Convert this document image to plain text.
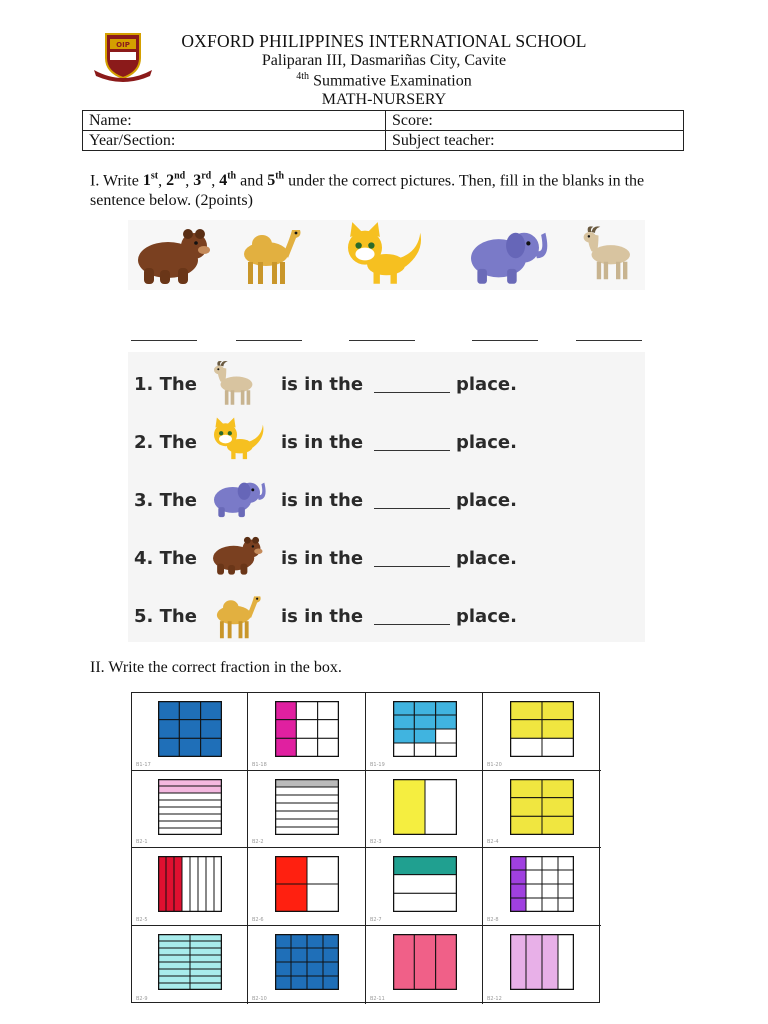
OIP	OXFORD PHILIPPINES INTERNATIONAL SCHOOL
Paliparan III, Dasmariñas City, Cavite
$^{4th}$ Summative Examination
MATH-NURSERY
Name:	Score:
Year/Section:	Subject teacher:
I. Write 1st, 2nd, 3rd, 4th and 5th under the correct pictures. Then, fill in the blanks in the sentence below. (2points)
1. The	is in the	place.
2. The	is in the	place.
3. The	is in the	place.
4. The	is in the	place.
5. The	is in the	place.
II. Write the correct fraction in the box.
B1-17	B1-18	B1-19	B1-20
B2-1	B2-2	B2-3	B2-4
B2-5	B2-6	B2-7	B2-8
B2-9	B2-10	B2-11	B2-12
